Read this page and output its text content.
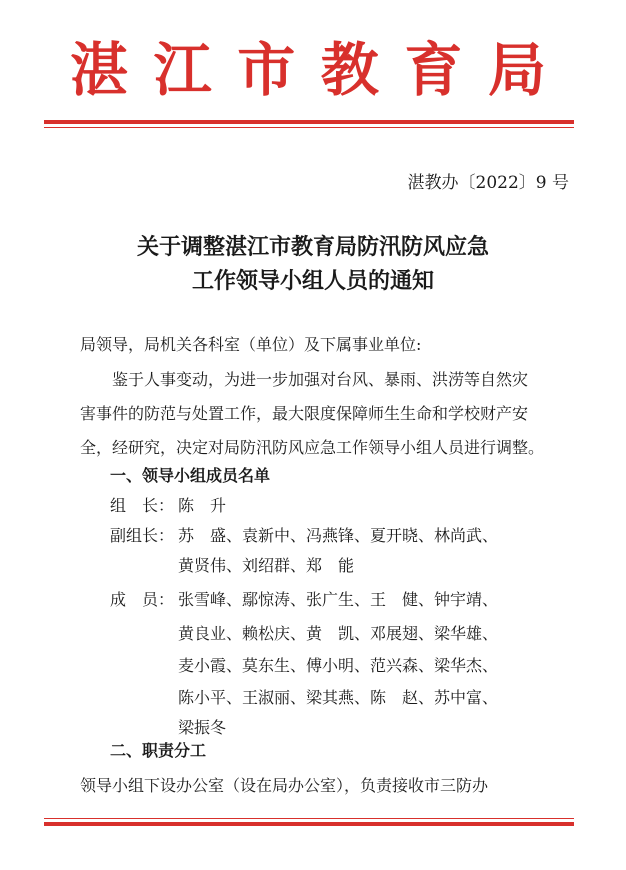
湛 江 市 教 育 局
湛教办〔2022〕9 号
关于调整湛江市教育局防汛防风应急
工作领导小组人员的通知
局领导，局机关各科室（单位）及下属事业单位:
　　鉴于人事变动，为进一步加强对台风、暴雨、洪涝等自然灾
害事件的防范与处置工作，最大限度保障师生生命和学校财产安
全，经研究，决定对局防汛防风应急工作领导小组人员进行调整。
一、领导小组成员名单
组　长： 陈　升
副组长： 苏　盛、袁新中、冯燕锋、夏开晓、林尚武、
黄贤伟、刘绍群、郑　能
成　员： 张雪峰、鄢惊涛、张广生、王　健、钟宇靖、
黄良业、赖松庆、黄　凯、邓展翅、梁华雄、
麦小霞、莫东生、傅小明、范兴森、梁华杰、
陈小平、王淑丽、梁其燕、陈　赵、苏中富、
梁振冬
二、职责分工
领导小组下设办公室（设在局办公室），负责接收市三防办
